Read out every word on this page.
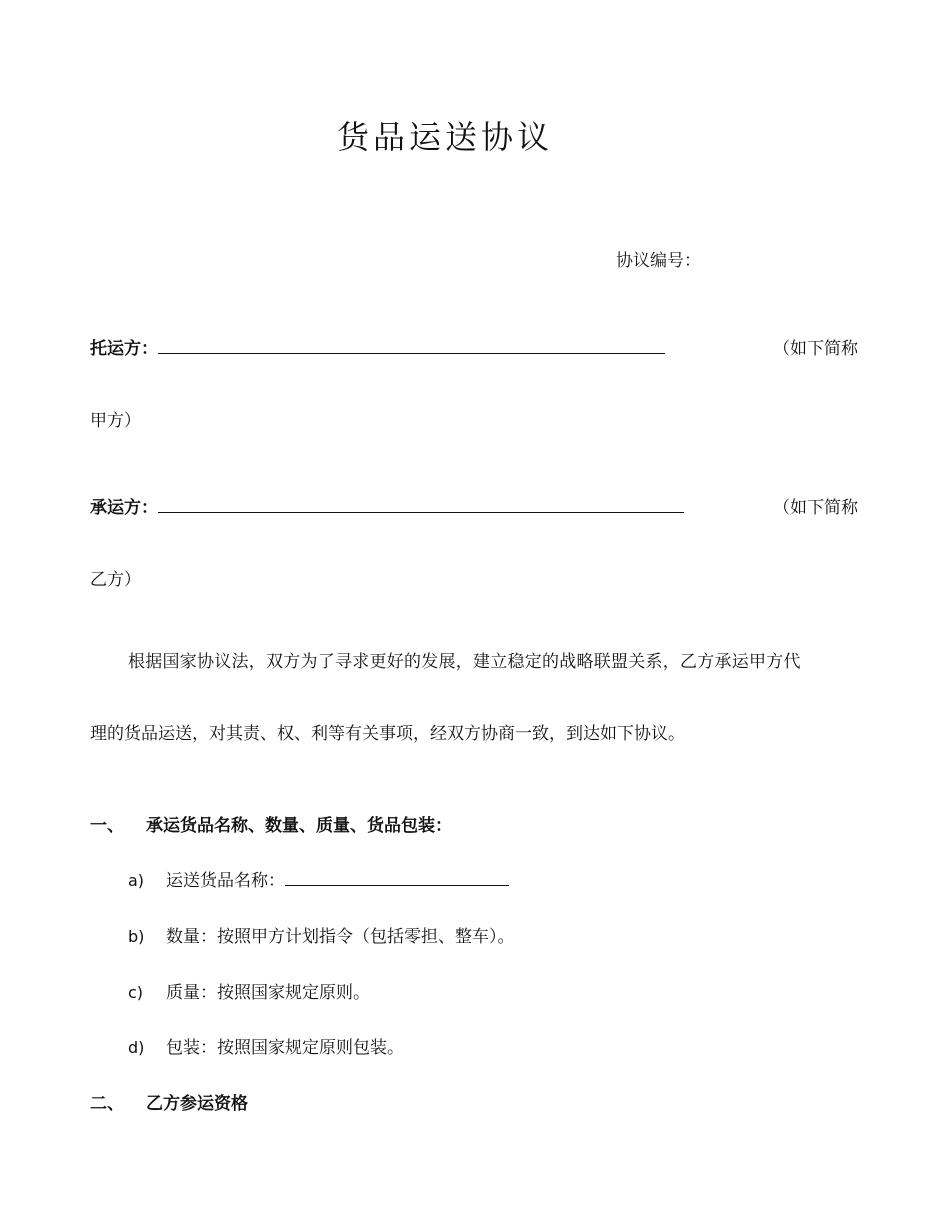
货品运送协议
协议编号：
托运方：	（如下简称
甲方）
承运方：	（如下简称
乙方）
根据国家协议法，双方为了寻求更好的发展，建立稳定的战略联盟关系，乙方承运甲方代
理的货品运送，对其责、权、利等有关事项，经双方协商一致，到达如下协议。
一、 承运货品名称、数量、质量、货品包装：
a) 运送货品名称：
b) 数量：按照甲方计划指令（包括零担、整车）。
c) 质量：按照国家规定原则。
d) 包装：按照国家规定原则包装。
二、 乙方参运资格
